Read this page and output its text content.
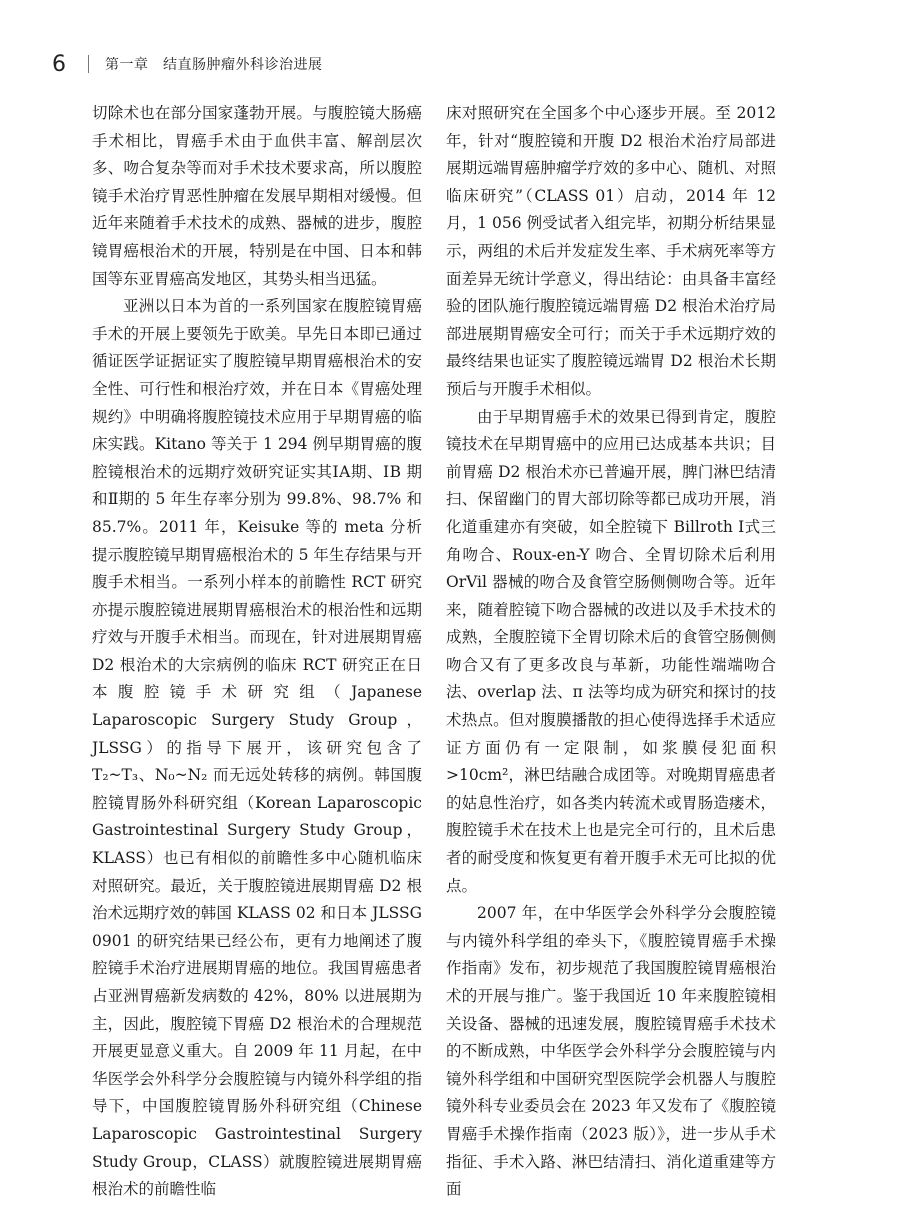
6	第一章　结直肠肿瘤外科诊治进展

切除术也在部分国家蓬勃开展。与腹腔镜大肠癌手术相比，胃癌手术由于血供丰富、解剖层次多、吻合复杂等而对手术技术要求高，所以腹腔镜手术治疗胃恶性肿瘤在发展早期相对缓慢。但近年来随着手术技术的成熟、器械的进步，腹腔镜胃癌根治术的开展，特别是在中国、日本和韩国等东亚胃癌高发地区，其势头相当迅猛。

亚洲以日本为首的一系列国家在腹腔镜胃癌手术的开展上要领先于欧美。早先日本即已通过循证医学证据证实了腹腔镜早期胃癌根治术的安全性、可行性和根治疗效，并在日本《胃癌处理规约》中明确将腹腔镜技术应用于早期胃癌的临床实践。Kitano 等关于 1 294 例早期胃癌的腹腔镜根治术的远期疗效研究证实其ⅠA期、ⅠB 期和Ⅱ期的 5 年生存率分别为 99.8%、98.7% 和 85.7%。2011 年，Keisuke 等的 meta 分析提示腹腔镜早期胃癌根治术的 5 年生存结果与开腹手术相当。一系列小样本的前瞻性 RCT 研究亦提示腹腔镜进展期胃癌根治术的根治性和远期疗效与开腹手术相当。而现在，针对进展期胃癌 D2 根治术的大宗病例的临床 RCT 研究正在日本腹腔镜手术研究组（Japanese Laparoscopic Surgery Study Group，JLSSG）的指导下展开，该研究包含了 T₂~T₃、N₀~N₂ 而无远处转移的病例。韩国腹腔镜胃肠外科研究组（Korean Laparoscopic Gastrointestinal Surgery Study Group，KLASS）也已有相似的前瞻性多中心随机临床对照研究。最近，关于腹腔镜进展期胃癌 D2 根治术远期疗效的韩国 KLASS 02 和日本 JLSSG 0901 的研究结果已经公布，更有力地阐述了腹腔镜手术治疗进展期胃癌的地位。我国胃癌患者占亚洲胃癌新发病数的 42%，80% 以进展期为主，因此，腹腔镜下胃癌 D2 根治术的合理规范开展更显意义重大。自 2009 年 11 月起，在中华医学会外科学分会腹腔镜与内镜外科学组的指导下，中国腹腔镜胃肠外科研究组（Chinese Laparoscopic Gastrointestinal Surgery Study Group，CLASS）就腹腔镜进展期胃癌根治术的前瞻性临

床对照研究在全国多个中心逐步开展。至 2012 年，针对“腹腔镜和开腹 D2 根治术治疗局部进展期远端胃癌肿瘤学疗效的多中心、随机、对照临床研究”（CLASS 01）启动，2014 年 12 月，1 056 例受试者入组完毕，初期分析结果显示，两组的术后并发症发生率、手术病死率等方面差异无统计学意义，得出结论：由具备丰富经验的团队施行腹腔镜远端胃癌 D2 根治术治疗局部进展期胃癌安全可行；而关于手术远期疗效的最终结果也证实了腹腔镜远端胃 D2 根治术长期预后与开腹手术相似。

由于早期胃癌手术的效果已得到肯定，腹腔镜技术在早期胃癌中的应用已达成基本共识；目前胃癌 D2 根治术亦已普遍开展，脾门淋巴结清扫、保留幽门的胃大部切除等都已成功开展，消化道重建亦有突破，如全腔镜下 Billroth Ⅰ式三角吻合、Roux-en-Y 吻合、全胃切除术后利用 OrVil 器械的吻合及食管空肠侧侧吻合等。近年来，随着腔镜下吻合器械的改进以及手术技术的成熟，全腹腔镜下全胃切除术后的食管空肠侧侧吻合又有了更多改良与革新，功能性端端吻合法、overlap 法、π 法等均成为研究和探讨的技术热点。但对腹膜播散的担心使得选择手术适应证方面仍有一定限制，如浆膜侵犯面积 >10cm²，淋巴结融合成团等。对晚期胃癌患者的姑息性治疗，如各类内转流术或胃肠造瘘术，腹腔镜手术在技术上也是完全可行的，且术后患者的耐受度和恢复更有着开腹手术无可比拟的优点。

2007 年，在中华医学会外科学分会腹腔镜与内镜外科学组的牵头下，《腹腔镜胃癌手术操作指南》发布，初步规范了我国腹腔镜胃癌根治术的开展与推广。鉴于我国近 10 年来腹腔镜相关设备、器械的迅速发展，腹腔镜胃癌手术技术的不断成熟，中华医学会外科学分会腹腔镜与内镜外科学组和中国研究型医院学会机器人与腹腔镜外科专业委员会在 2023 年又发布了《腹腔镜胃癌手术操作指南（2023 版）》，进一步从手术指征、手术入路、淋巴结清扫、消化道重建等方面
